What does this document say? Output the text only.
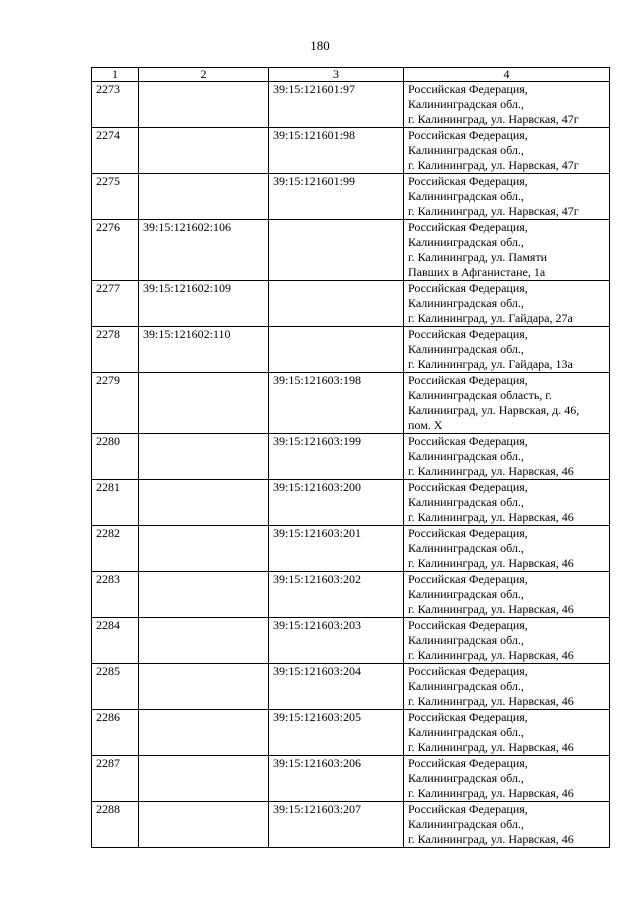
180
1	2	3	4
2273		39:15:121601:97	Российская Федерация,
Калининградская обл.,
г. Калининград, ул. Нарвская, 47г

2274		39:15:121601:98	Российская Федерация,
Калининградская обл.,
г. Калининград, ул. Нарвская, 47г

2275		39:15:121601:99	Российская Федерация,
Калининградская обл.,
г. Калининград, ул. Нарвская, 47г

2276	39:15:121602:106		Российская Федерация,
Калининградская обл.,
г. Калининград, ул. Памяти
Павших в Афганистане, 1а

2277	39:15:121602:109		Российская Федерация,
Калининградская обл.,
г. Калининград, ул. Гайдара, 27а

2278	39:15:121602:110		Российская Федерация,
Калининградская обл.,
г. Калининград, ул. Гайдара, 13а

2279		39:15:121603:198	Российская Федерация,
Калининградская область, г.
Калининград, ул. Нарвская, д. 46,
пом. X

2280		39:15:121603:199	Российская Федерация,
Калининградская обл.,
г. Калининград, ул. Нарвская, 46

2281		39:15:121603:200	Российская Федерация,
Калининградская обл.,
г. Калининград, ул. Нарвская, 46

2282		39:15:121603:201	Российская Федерация,
Калининградская обл.,
г. Калининград, ул. Нарвская, 46

2283		39:15:121603:202	Российская Федерация,
Калининградская обл.,
г. Калининград, ул. Нарвская, 46

2284		39:15:121603:203	Российская Федерация,
Калининградская обл.,
г. Калининград, ул. Нарвская, 46

2285		39:15:121603:204	Российская Федерация,
Калининградская обл.,
г. Калининград, ул. Нарвская, 46

2286		39:15:121603:205	Российская Федерация,
Калининградская обл.,
г. Калининград, ул. Нарвская, 46

2287		39:15:121603:206	Российская Федерация,
Калининградская обл.,
г. Калининград, ул. Нарвская, 46

2288		39:15:121603:207	Российская Федерация,
Калининградская обл.,
г. Калининград, ул. Нарвская, 46
